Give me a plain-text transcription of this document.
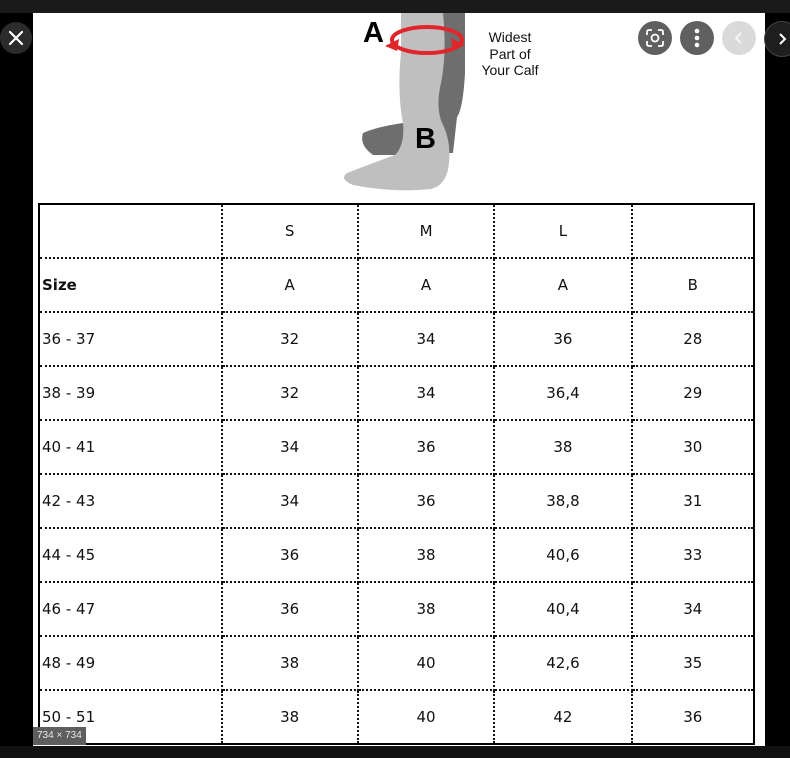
A
B
Widest
Part of
Your Calf
	S	M	L	
Size	A	A	A	B
36 - 37	32	34	36	28
38 - 39	32	34	36,4	29
40 - 41	34	36	38	30
42 - 43	34	36	38,8	31
44 - 45	36	38	40,6	33
46 - 47	36	38	40,4	34
48 - 49	38	40	42,6	35
50 - 51	38	40	42	36
734 × 734
